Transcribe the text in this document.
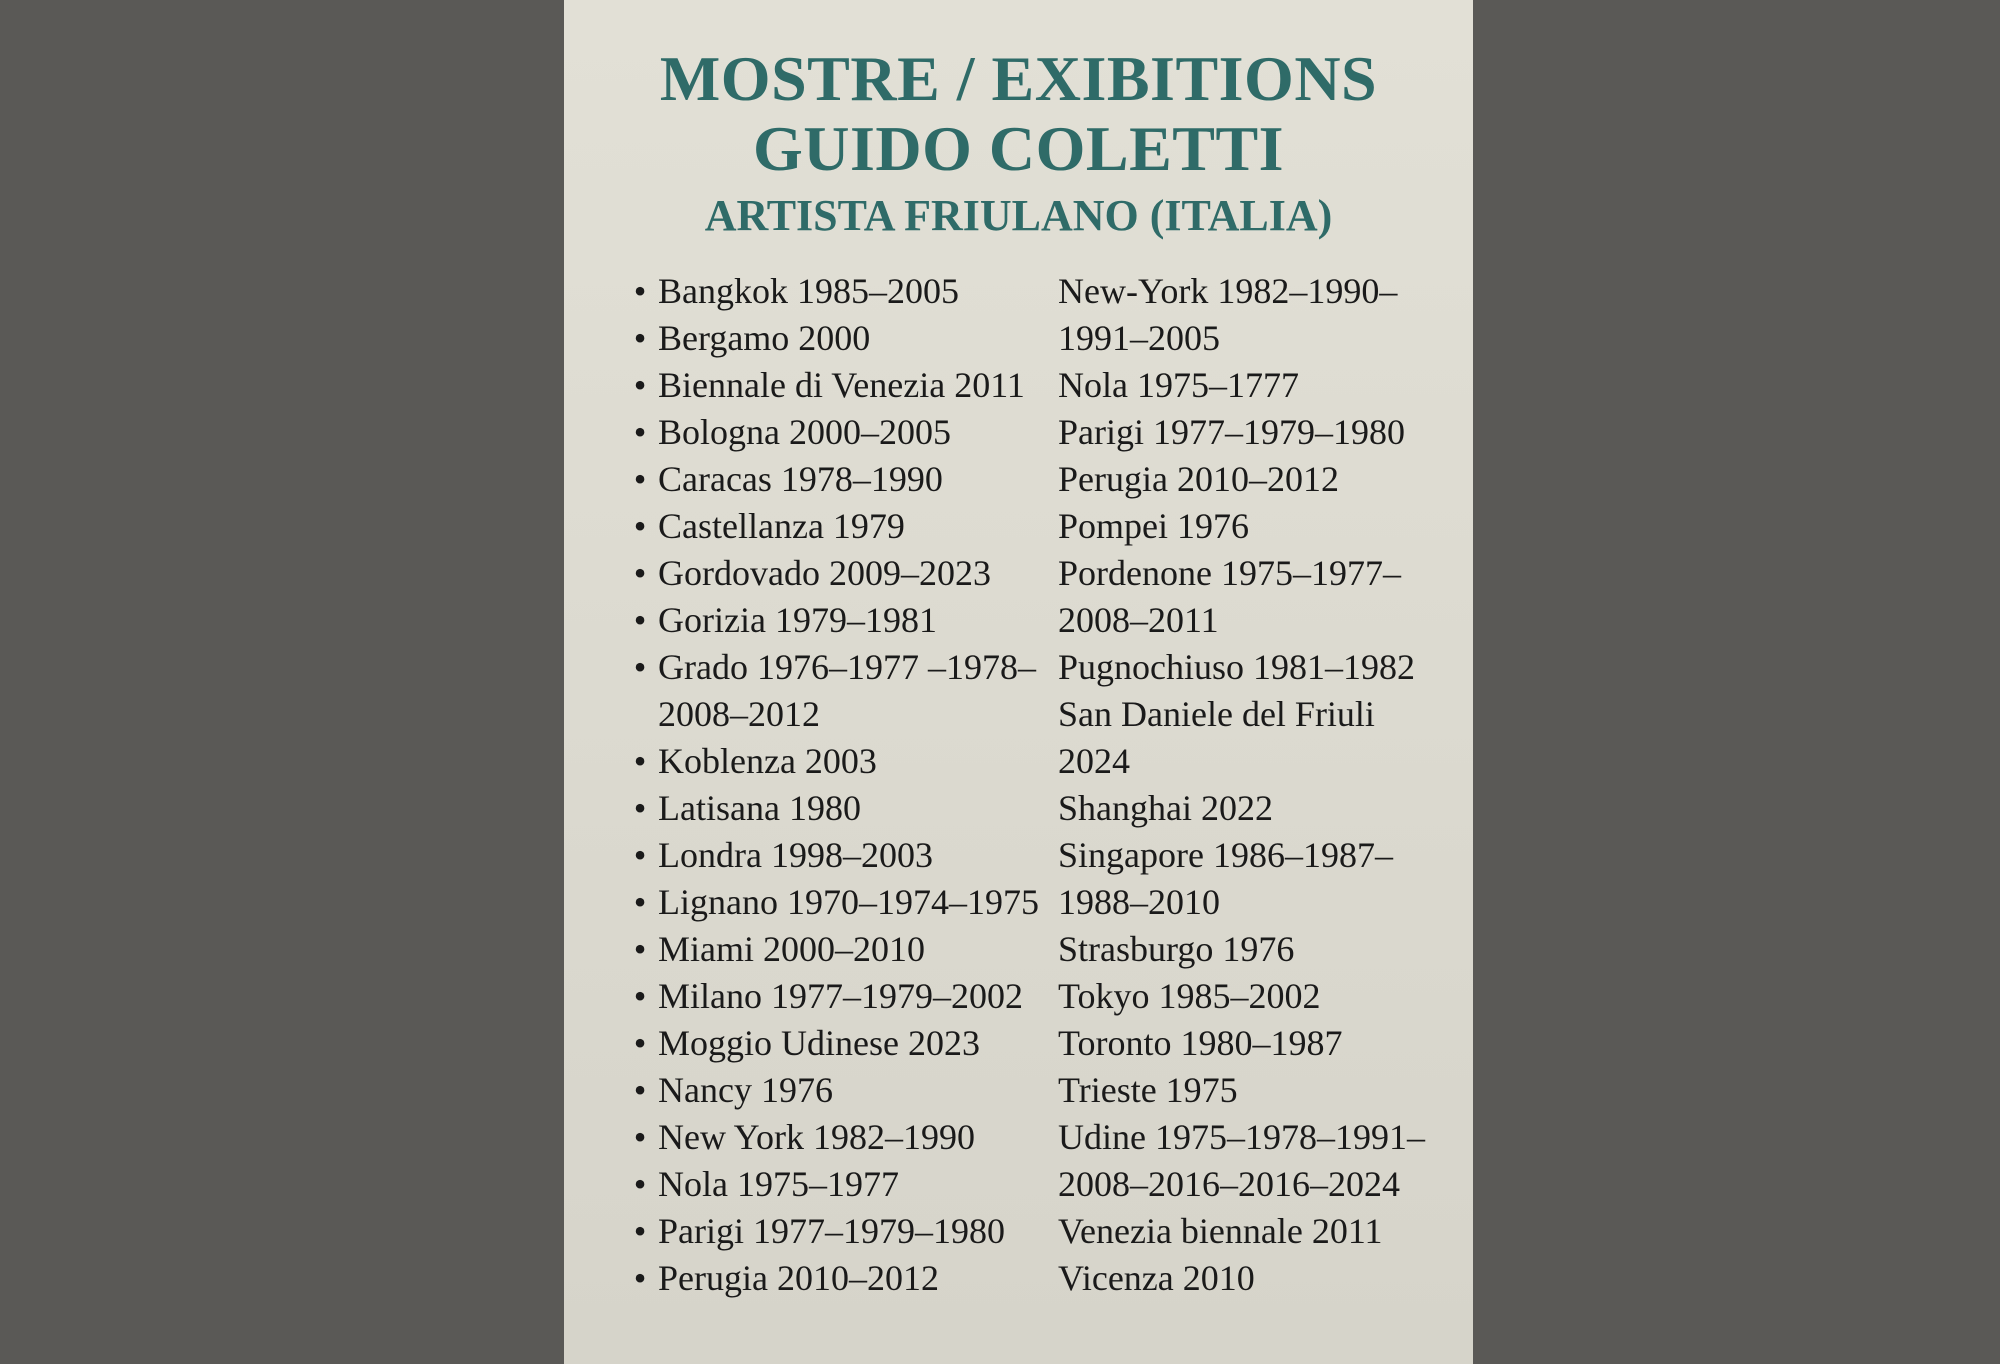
MOSTRE / EXIBITIONS
GUIDO COLETTI
ARTISTA FRIULANO (ITALIA)
• Bangkok 1985–2005	New-York 1982–1990–
• Bergamo 2000	1991–2005
• Biennale di Venezia 2011 Nola 1975–1777
• Bologna 2000–2005	Parigi 1977–1979–1980
• Caracas 1978–1990	Perugia 2010–2012
• Castellanza 1979	Pompei 1976
• Gordovado 2009–2023 Pordenone 1975–1977–
• Gorizia 1979–1981	2008–2011
• Grado 1976–1977 –1978– Pugnochiuso 1981–1982
2008–2012	San Daniele del Friuli
• Koblenza 2003	2024
• Latisana 1980	Shanghai 2022
• Londra 1998–2003	Singapore 1986–1987–
• Lignano 1970–1974–1975 1988–2010
• Miami 2000–2010	Strasburgo 1976
• Milano 1977–1979–2002 Tokyo 1985–2002
• Moggio Udinese 2023 Toronto 1980–1987
• Nancy 1976	Trieste 1975
• New York 1982–1990 Udine 1975–1978–1991–
• Nola 1975–1977	2008–2016–2016–2024
• Parigi 1977–1979–1980 Venezia biennale 2011
• Perugia 2010–2012	Vicenza 2010
